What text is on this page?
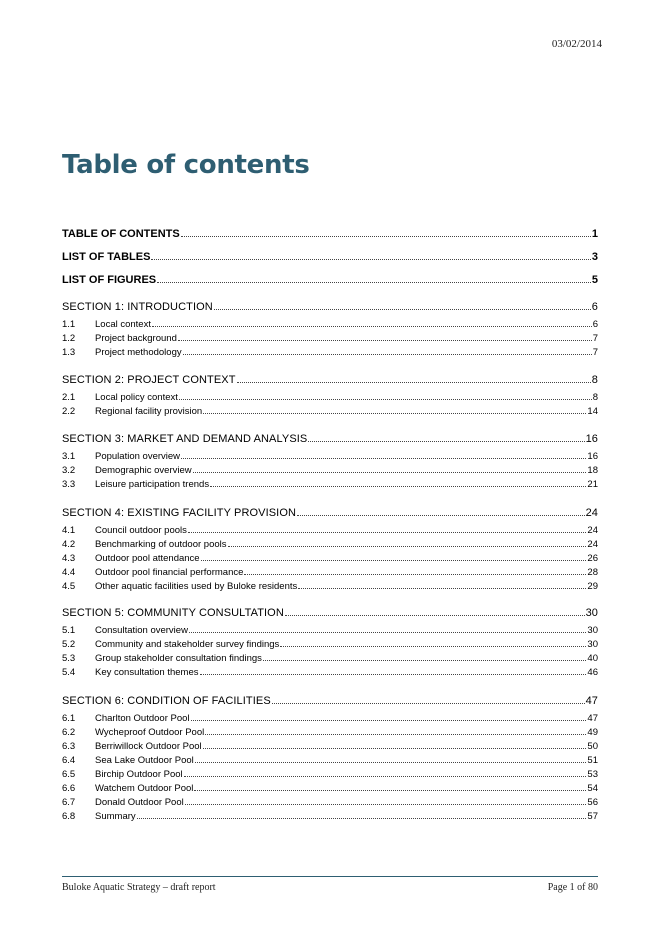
03/02/2014
Table of contents
TABLE OF CONTENTS	1
LIST OF TABLES	3
LIST OF FIGURES	5
SECTION 1: INTRODUCTION	6
1.1 Local context	6
1.2 Project background	7
1.3 Project methodology	7
SECTION 2: PROJECT CONTEXT	8
2.1 Local policy context	8
2.2 Regional facility provision	14
SECTION 3: MARKET AND DEMAND ANALYSIS	16
3.1 Population overview	16
3.2 Demographic overview	18
3.3 Leisure participation trends	21
SECTION 4: EXISTING FACILITY PROVISION	24
4.1 Council outdoor pools	24
4.2 Benchmarking of outdoor pools	24
4.3 Outdoor pool attendance	26
4.4 Outdoor pool financial performance	28
4.5 Other aquatic facilities used by Buloke residents	29
SECTION 5: COMMUNITY CONSULTATION	30
5.1 Consultation overview	30
5.2 Community and stakeholder survey findings	30
5.3 Group stakeholder consultation findings	40
5.4 Key consultation themes	46
SECTION 6: CONDITION OF FACILITIES	47
6.1 Charlton Outdoor Pool	47
6.2 Wycheproof Outdoor Pool	49
6.3 Berriwillock Outdoor Pool	50
6.4 Sea Lake Outdoor Pool	51
6.5 Birchip Outdoor Pool	53
6.6 Watchem Outdoor Pool	54
6.7 Donald Outdoor Pool	56
6.8 Summary	57
Buloke Aquatic Strategy – draft report	Page 1 of 80
